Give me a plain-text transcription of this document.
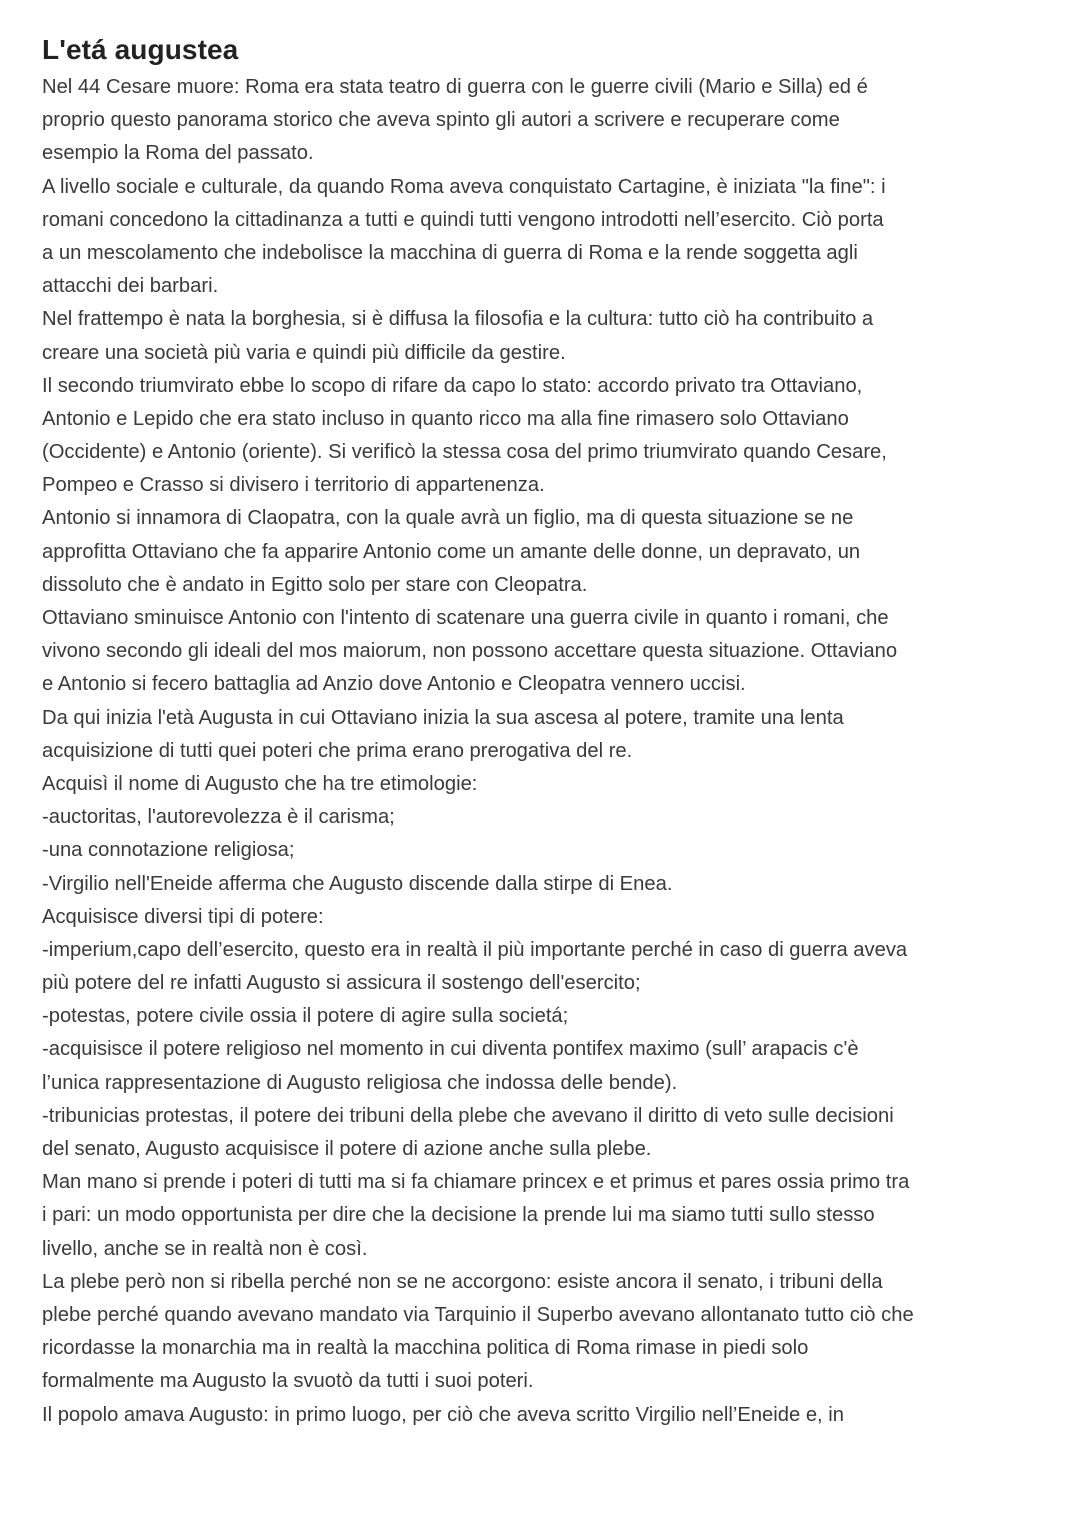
L'etá augustea
Nel 44 Cesare muore: Roma era stata teatro di guerra con le guerre civili (Mario e Silla) ed é
proprio questo panorama storico che aveva spinto gli autori a scrivere e recuperare come
esempio la Roma del passato.
A livello sociale e culturale, da quando Roma aveva conquistato Cartagine, è iniziata "la fine": i
romani concedono la cittadinanza a tutti e quindi tutti vengono introdotti nell’esercito. Ciò porta
a un mescolamento che indebolisce la macchina di guerra di Roma e la rende soggetta agli
attacchi dei barbari.
Nel frattempo è nata la borghesia, si è diffusa la filosofia e la cultura: tutto ciò ha contribuito a
creare una società più varia e quindi più difficile da gestire.
Il secondo triumvirato ebbe lo scopo di rifare da capo lo stato: accordo privato tra Ottaviano,
Antonio e Lepido che era stato incluso in quanto ricco ma alla fine rimasero solo Ottaviano
(Occidente) e Antonio (oriente). Si verificò la stessa cosa del primo triumvirato quando Cesare,
Pompeo e Crasso si divisero i territorio di appartenenza.
Antonio si innamora di Claopatra, con la quale avrà un figlio, ma di questa situazione se ne
approfitta Ottaviano che fa apparire Antonio come un amante delle donne, un depravato, un
dissoluto che è andato in Egitto solo per stare con Cleopatra.
Ottaviano sminuisce Antonio con l'intento di scatenare una guerra civile in quanto i romani, che
vivono secondo gli ideali del mos maiorum, non possono accettare questa situazione. Ottaviano
e Antonio si fecero battaglia ad Anzio dove Antonio e Cleopatra vennero uccisi.
Da qui inizia l'età Augusta in cui Ottaviano inizia la sua ascesa al potere, tramite una lenta
acquisizione di tutti quei poteri che prima erano prerogativa del re.
Acquisì il nome di Augusto che ha tre etimologie:
-auctoritas, l'autorevolezza è il carisma;
-una connotazione religiosa;
-Virgilio nell'Eneide afferma che Augusto discende dalla stirpe di Enea.
Acquisisce diversi tipi di potere:
-imperium,capo dell’esercito, questo era in realtà il più importante perché in caso di guerra aveva
più potere del re infatti Augusto si assicura il sostengo dell'esercito;
-potestas, potere civile ossia il potere di agire sulla societá;
-acquisisce il potere religioso nel momento in cui diventa pontifex maximo (sull’ arapacis c'è
l’unica rappresentazione di Augusto religiosa che indossa delle bende).
-tribunicias protestas, il potere dei tribuni della plebe che avevano il diritto di veto sulle decisioni
del senato, Augusto acquisisce il potere di azione anche sulla plebe.
Man mano si prende i poteri di tutti ma si fa chiamare princex e et primus et pares ossia primo tra
i pari: un modo opportunista per dire che la decisione la prende lui ma siamo tutti sullo stesso
livello, anche se in realtà non è così.
La plebe però non si ribella perché non se ne accorgono: esiste ancora il senato, i tribuni della
plebe perché quando avevano mandato via Tarquinio il Superbo avevano allontanato tutto ciò che
ricordasse la monarchia ma in realtà la macchina politica di Roma rimase in piedi solo
formalmente ma Augusto la svuotò da tutti i suoi poteri.
Il popolo amava Augusto: in primo luogo, per ciò che aveva scritto Virgilio nell’Eneide e, in
